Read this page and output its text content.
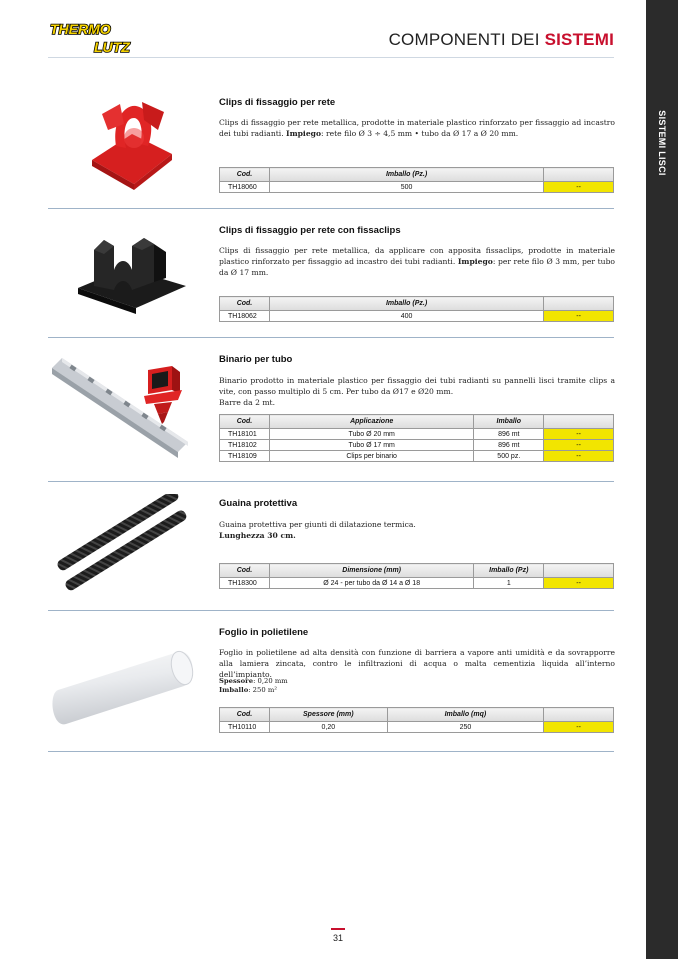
SISTEMI LISCI
THERMO
LUTZ	COMPONENTI DEI SISTEMI
Clips di fissaggio per rete
Clips di fissaggio per rete metallica, prodotte in materiale plastico rinforzato per fissaggio ad incastro dei tubi radianti. Impiego: rete filo Ø 3 ÷ 4,5 mm • tubo da Ø 17 a Ø 20 mm.
Cod.	Imballo (Pz.)	
TH18060	500	--
Clips di fissaggio per rete con fissaclips
Clips di fissaggio per rete metallica, da applicare con apposita fissaclips, prodotte in materiale plastico rinforzato per fissaggio ad incastro dei tubi radianti. Impiego: per rete filo Ø 3 mm, per tubo da Ø 17 mm.
Cod.	Imballo (Pz.)	
TH18062	400	--
Binario per tubo
Binario prodotto in materiale plastico per fissaggio dei tubi radianti su pannelli lisci tramite clips a vite, con passo multiplo di 5 cm. Per tubo da Ø17 e Ø20 mm.
Barre da 2 mt.
Cod.	Applicazione	Imballo	
TH18101	Tubo Ø 20 mm	896 mt	--
TH18102	Tubo Ø 17 mm	896 mt	--
TH18109	Clips per binario	500 pz.	--
Guaina protettiva
Guaina protettiva per giunti di dilatazione termica.
Lunghezza 30 cm.
Cod.	Dimensione (mm)	Imballo (Pz)	
TH18300	Ø 24 - per tubo da Ø 14 a Ø 18	1	--
Foglio in polietilene
Foglio in polietilene ad alta densità con funzione di barriera a vapore anti umidità e da sovrapporre alla lamiera zincata, contro le infiltrazioni di acqua o malta cementizia liquida all’interno dell’impianto.
Spessore: 0,20 mm
Imballo: 250 m²
Cod.	Spessore (mm)	Imballo (mq)	
TH10110	0,20	250	--
31
